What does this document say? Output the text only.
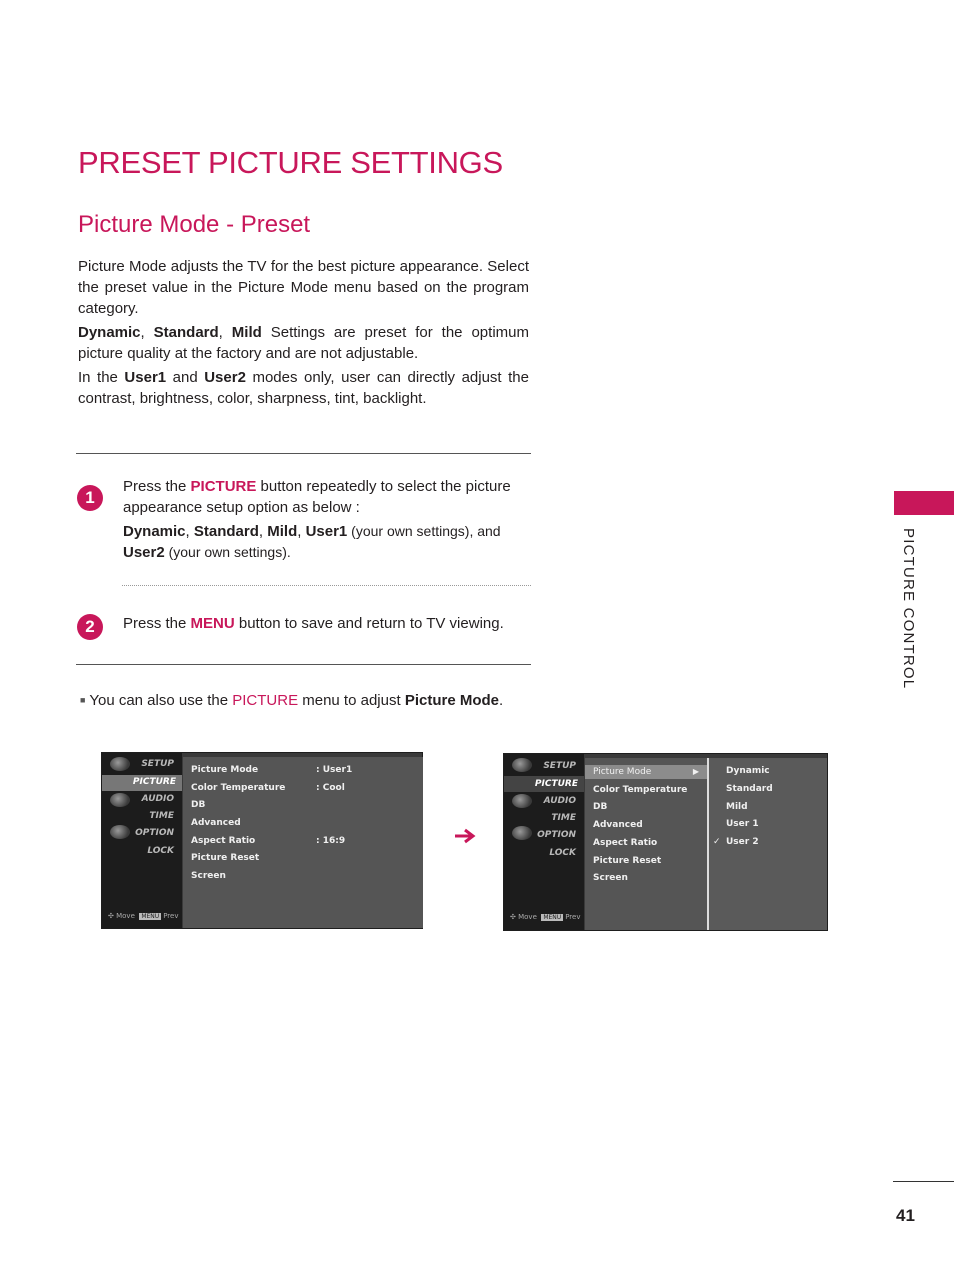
PRESET PICTURE SETTINGS
Picture Mode - Preset
Picture Mode adjusts the TV for the best picture appearance. Select the preset value in the Picture Mode menu based on the program category.
Dynamic, Standard, Mild Settings are preset for the optimum picture quality at the factory and are not adjustable.
In the User1 and User2 modes only, user can directly adjust the contrast, brightness, color, sharpness, tint, backlight.
1
Press the PICTURE button repeatedly to select the picture appearance setup option as below :
Dynamic, Standard, Mild, User1 (your own settings), and
User2 (your own settings).
2	Press the MENU button to save and return to TV viewing.
■ You can also use the PICTURE menu to adjust Picture Mode.
PICTURE CONTROL
SETUP
PICTURE
AUDIO
TIME
OPTION
LOCK
✣ Move MENU Prev
Picture Mode
Color Temperature
DB
Advanced
Aspect Ratio
Picture Reset
Screen
: User1
: Cool
: 16:9
SETUP
PICTURE
AUDIO
TIME
OPTION
LOCK
✣ Move MENU Prev
Picture Mode	▶
Color Temperature
DB
Advanced
Aspect Ratio
Picture Reset
Screen
Dynamic
Standard
Mild
User 1
✓ User 2
41
